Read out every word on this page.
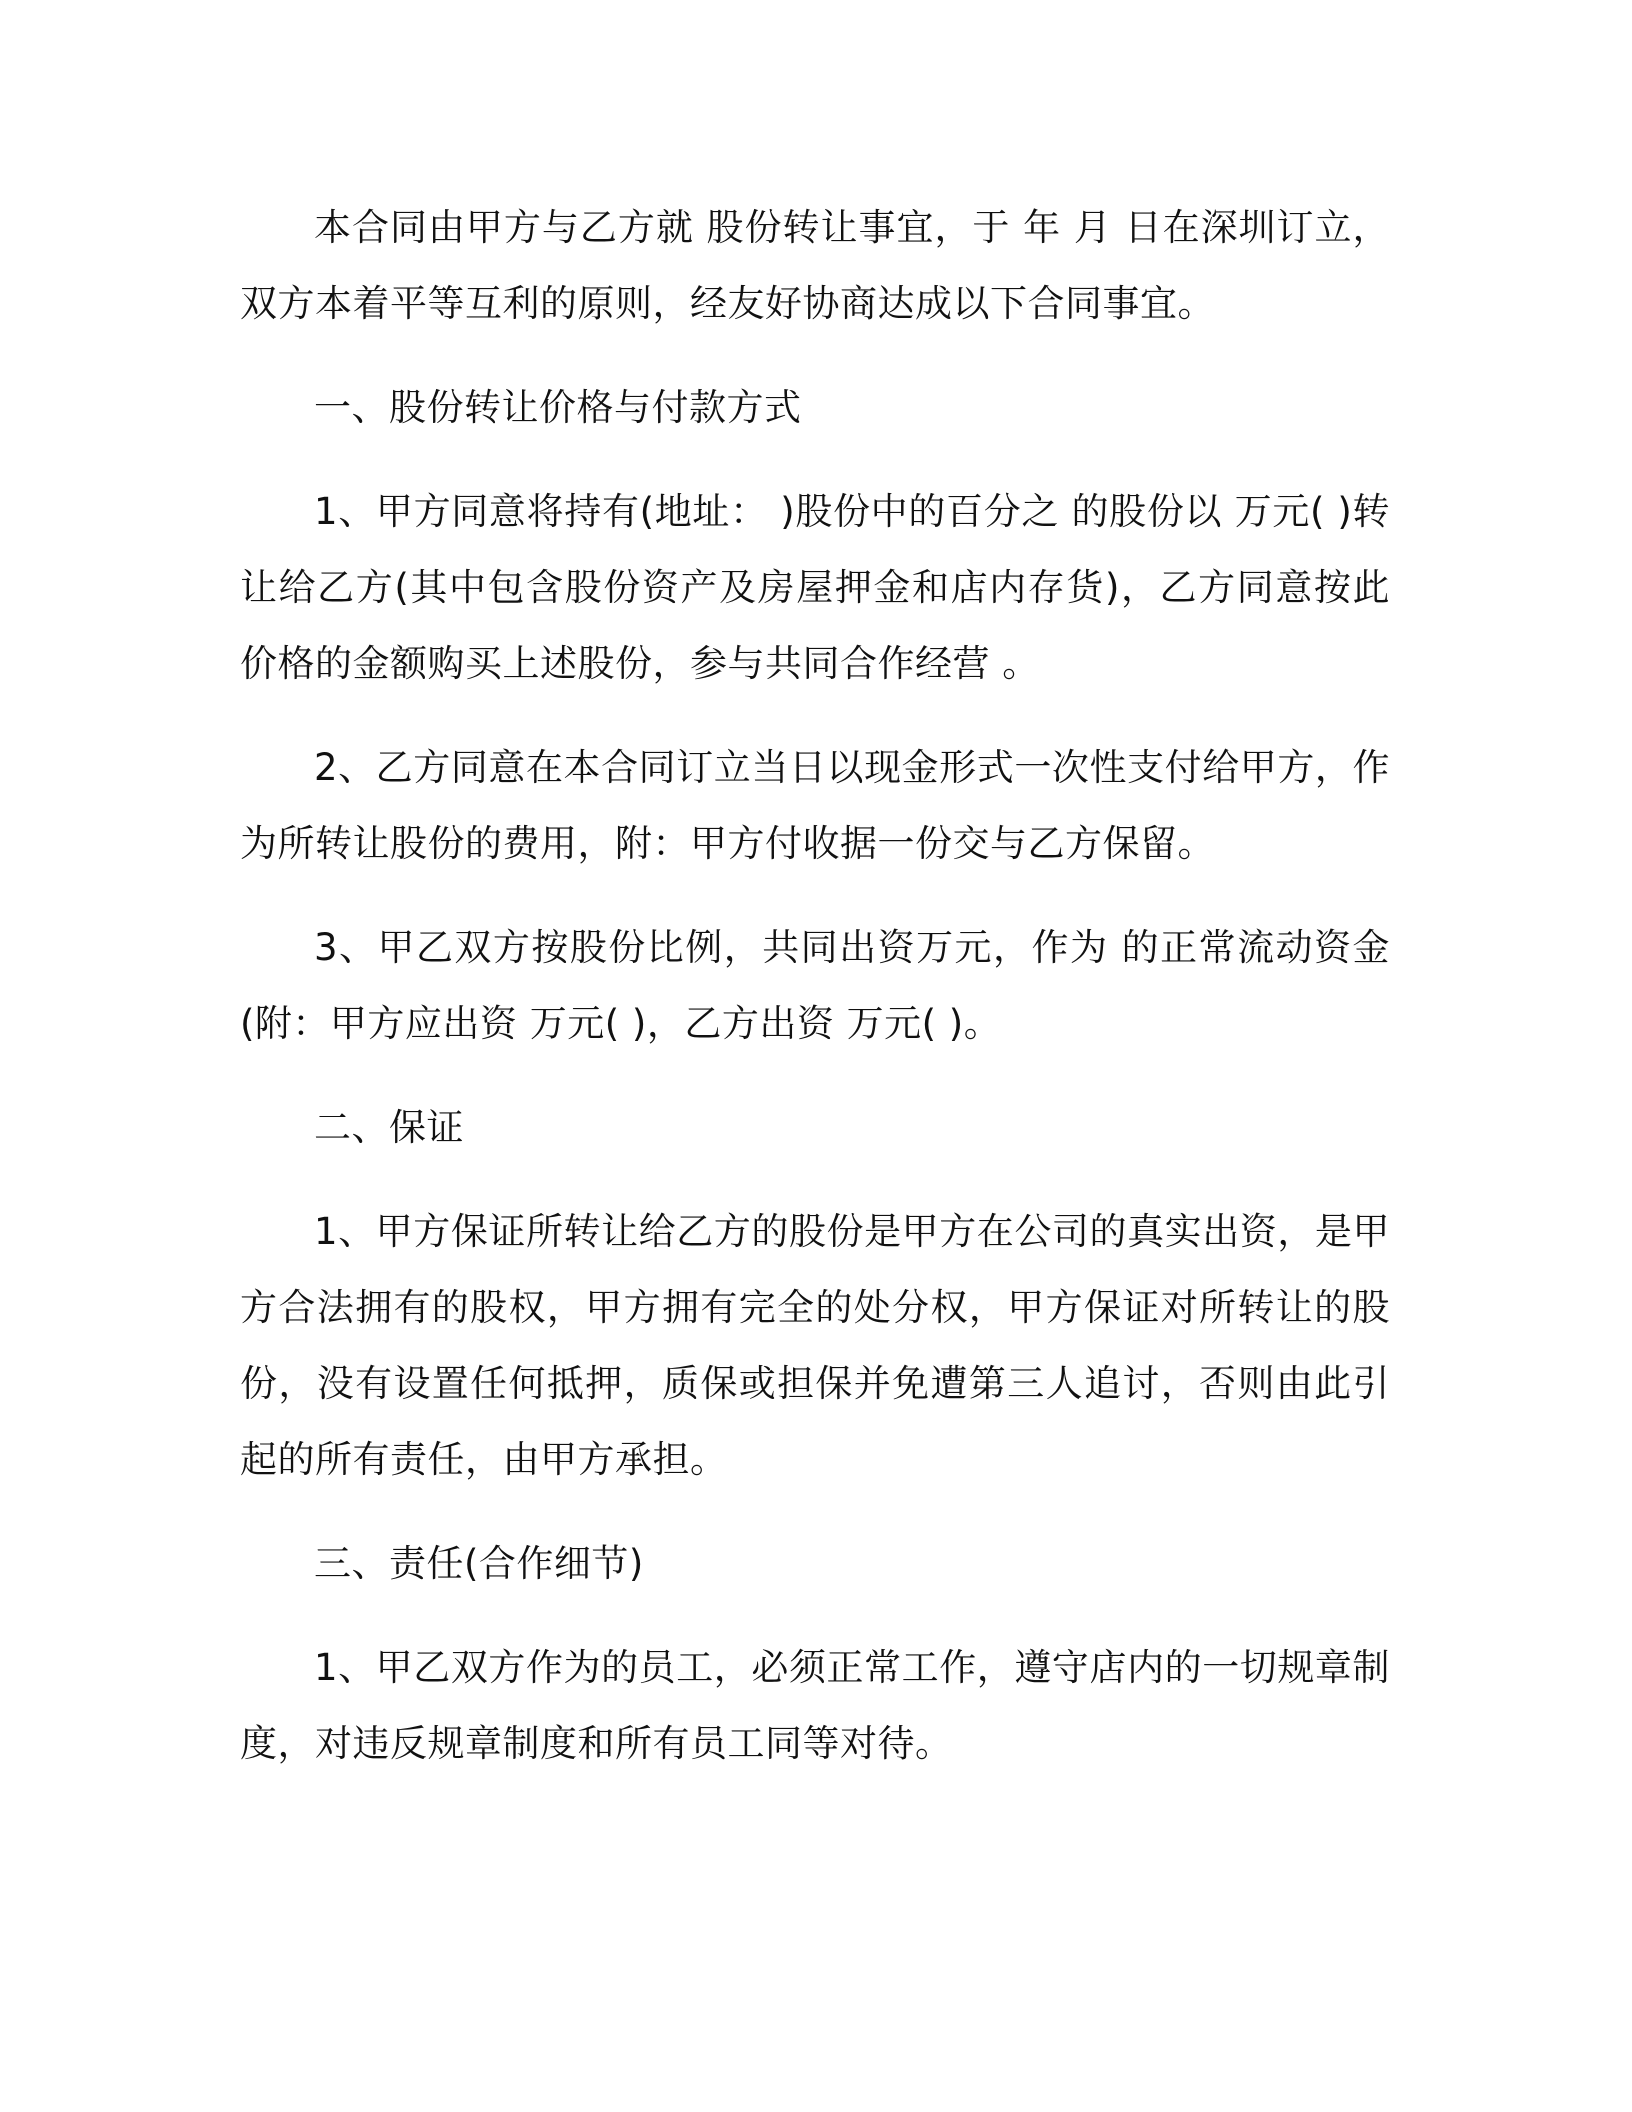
本合同由甲方与乙方就 股份转让事宜，于 年 月 日在深圳订立，双方本着平等互利的原则，经友好协商达成以下合同事宜。

一、股份转让价格与付款方式

1、甲方同意将持有(地址： )股份中的百分之 的股份以 万元( )转让给乙方(其中包含股份资产及房屋押金和店内存货)，乙方同意按此价格的金额购买上述股份，参与共同合作经营 。

2、乙方同意在本合同订立当日以现金形式一次性支付给甲方，作为所转让股份的费用，附：甲方付收据一份交与乙方保留。

3、甲乙双方按股份比例，共同出资万元，作为 的正常流动资金(附：甲方应出资 万元( )，乙方出资 万元( )。

二、保证

1、甲方保证所转让给乙方的股份是甲方在公司的真实出资，是甲方合法拥有的股权，甲方拥有完全的处分权，甲方保证对所转让的股份，没有设置任何抵押，质保或担保并免遭第三人追讨，否则由此引起的所有责任，由甲方承担。

三、责任(合作细节)

1、甲乙双方作为的员工，必须正常工作，遵守店内的一切规章制度，对违反规章制度和所有员工同等对待。
